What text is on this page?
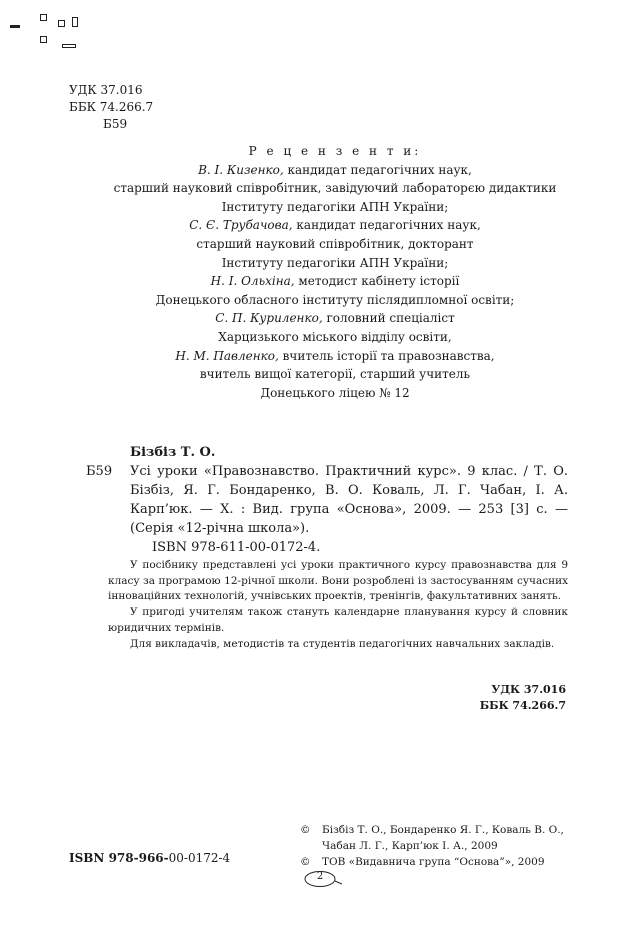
УДК 37.016
ББК 74.266.7
Б59
Р е ц е н з е н т и:
В. І. Кизенко, кандидат педагогічних наук,
старший науковий співробітник, завідуючий лабораторєю дидактики
Інституту педагогіки АПН України;
С. Є. Трубачова, кандидат педагогічних наук,
старший науковий співробітник, докторант
Інституту педагогіки АПН України;
Н. І. Ольхіна, методист кабінету історії
Донецького обласного інституту післядипломної освіти;
С. П. Куриленко, головний спеціаліст
Харцизького міського відділу освіти,
Н. М. Павленко, вчитель історії та правознавства,
вчитель вищої категорії, старший учитель
Донецького ліцею № 12
Бізбіз Т. О.
Б59 Усі уроки «Правознавство. Практичний курс». 9 клас. / Т. О. Бізбіз, Я. Г. Бондаренко, В. О. Коваль, Л. Г. Чабан, І. А. Карп’юк. — Х. : Вид. група «Основа», 2009. — 253 [3] с. — (Серія «12-річна школа»).
ISBN 978-611-00-0172-4.

У посібнику представлені усі уроки практичного курсу правознавства для 9 класу за програмою 12-річної школи. Вони розроблені із застосуванням сучасних інноваційних технологій, учнівських проектів, тренінгів, факультативних занять.

У пригоді учителям також стануть календарне планування курсу й словник юридичних термінів.

Для викладачів, методистів та студентів педагогічних навчальних закладів.

УДК 37.016
ББК 74.266.7
© Бізбіз Т. О., Бондаренко Я. Г., Коваль В. О.,
Чабан Л. Г., Карп’юк І. А., 2009
© ТОВ «Видавнича група “Основа”», 2009
ISBN 978-966-00-0172-4
2
